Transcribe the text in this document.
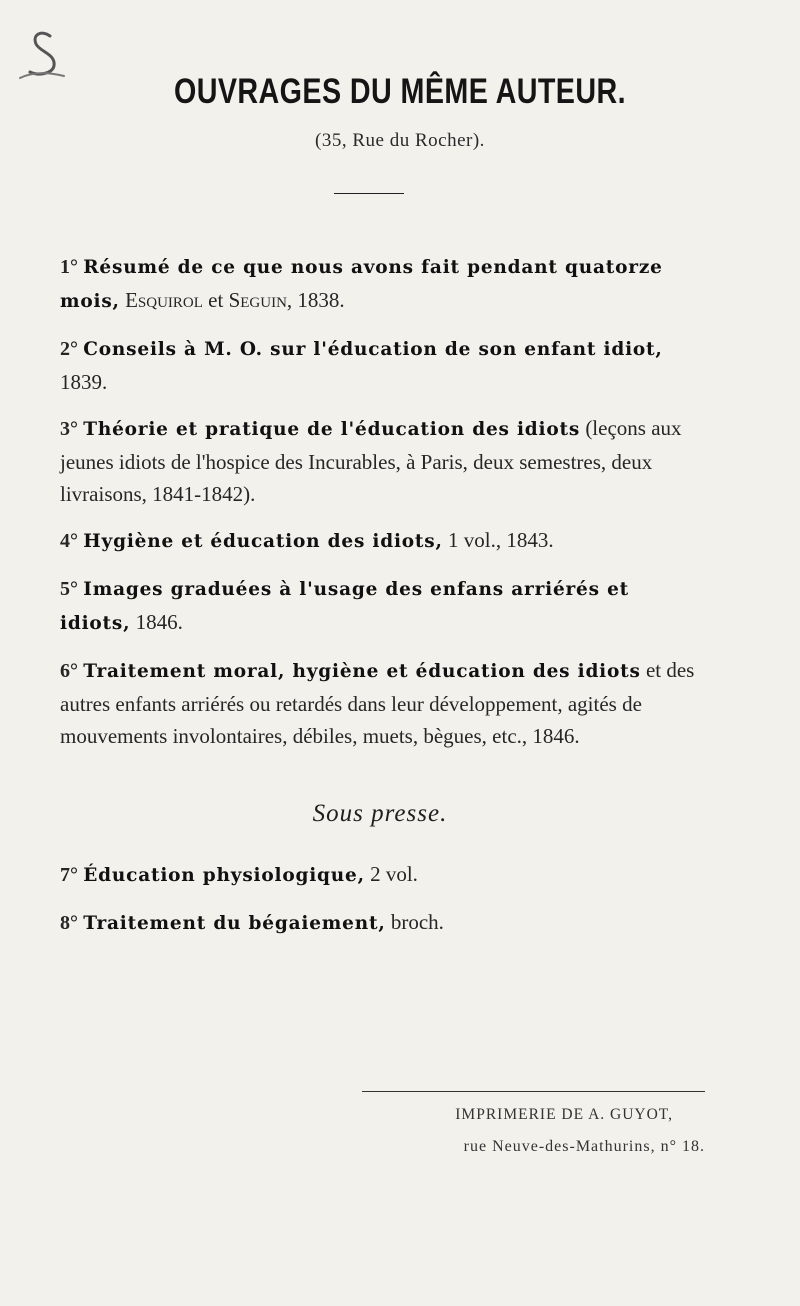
OUVRAGES DU MÊME AUTEUR.
(35, Rue du Rocher).

1° Résumé de ce que nous avons fait pendant quatorze mois, Esquirol et Seguin, 1838.

2° Conseils à M. O. sur l'éducation de son enfant idiot, 1839.

3° Théorie et pratique de l'éducation des idiots (leçons aux jeunes idiots de l'hospice des Incurables, à Paris, deux semestres, deux livraisons, 1841-1842).

4° Hygiène et éducation des idiots, 1 vol., 1843.

5° Images graduées à l'usage des enfans arriérés et idiots, 1846.

6° Traitement moral, hygiène et éducation des idiots et des autres enfants arriérés ou retardés dans leur développement, agités de mouvements involontaires, débiles, muets, bègues, etc., 1846.

Sous presse.

7° Éducation physiologique, 2 vol.

8° Traitement du bégaiement, broch.

IMPRIMERIE DE A. GUYOT,
rue Neuve-des-Mathurins, n° 18.
